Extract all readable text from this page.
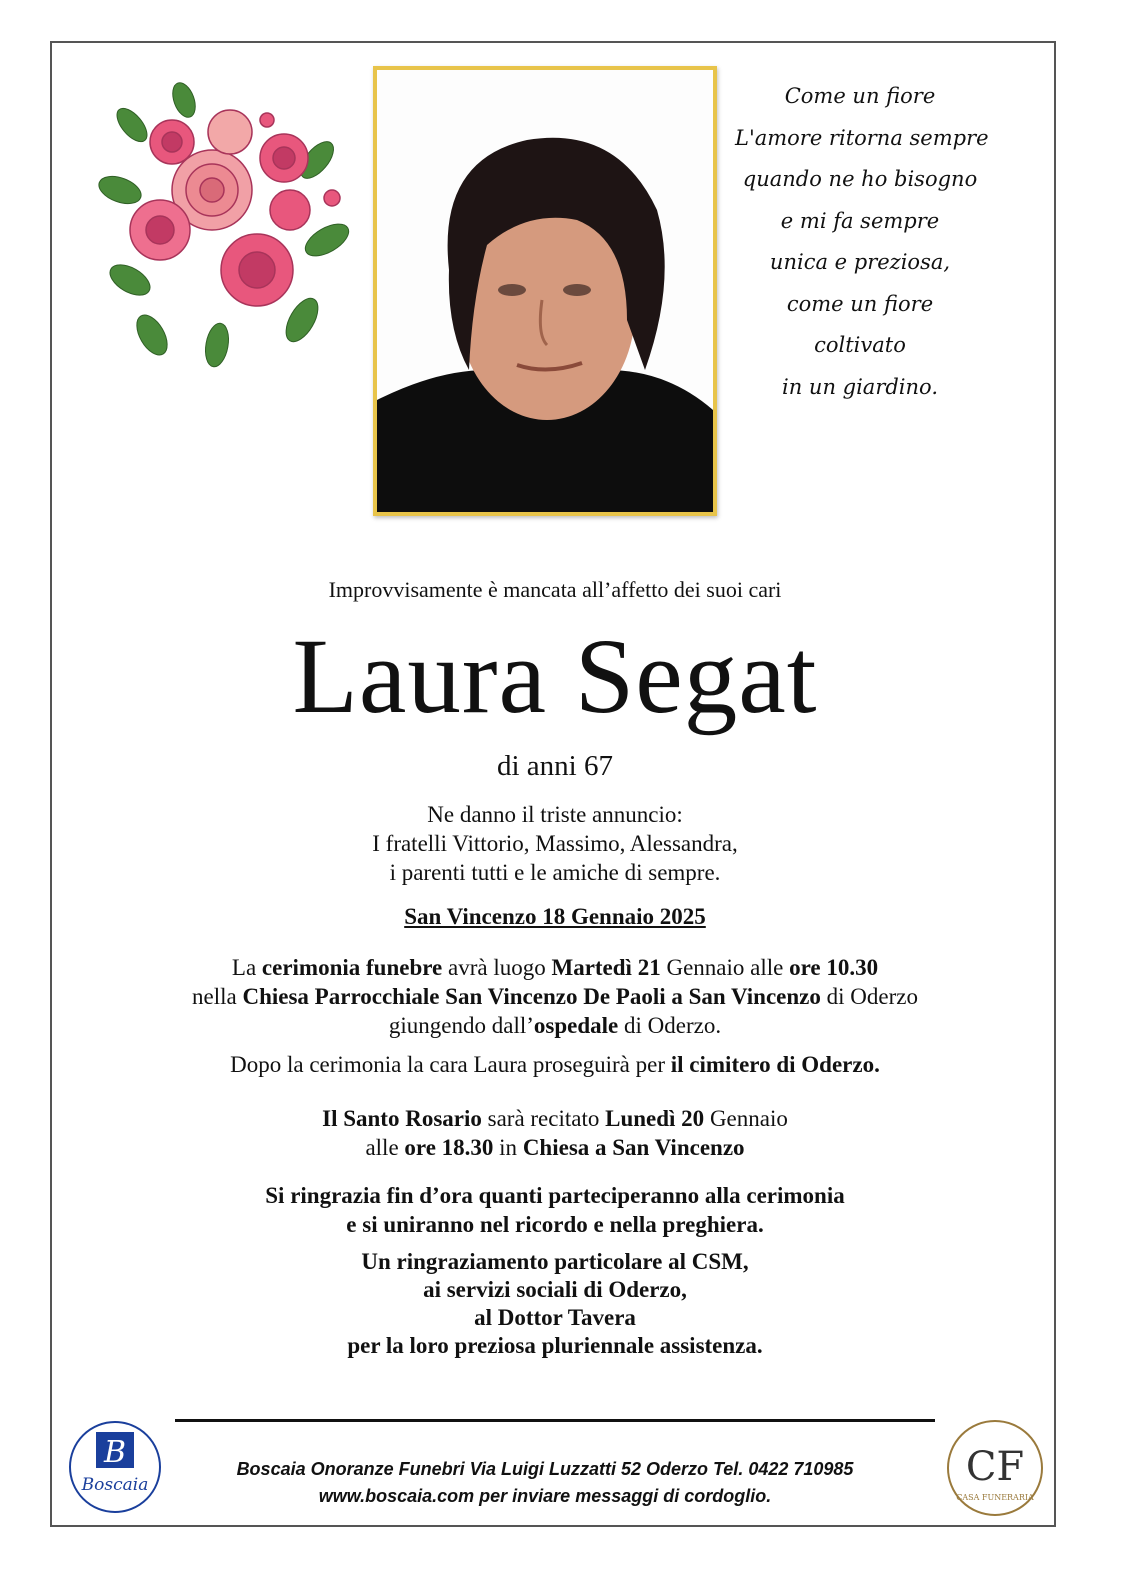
Come un fiore
L'amore ritorna sempre
quando ne ho bisogno
e mi fa sempre
unica e preziosa,
come un fiore
coltivato
in un giardino.
Improvvisamente è mancata all’affetto dei suoi cari
Laura Segat
di anni 67
Ne danno il triste annuncio:
I fratelli Vittorio, Massimo, Alessandra,
i parenti tutti e le amiche di sempre.
San Vincenzo 18 Gennaio 2025
La cerimonia funebre avrà luogo Martedì 21 Gennaio alle ore 10.30
nella Chiesa Parrocchiale San Vincenzo De Paoli a San Vincenzo di Oderzo
giungendo dall’ospedale di Oderzo.
Dopo la cerimonia la cara Laura proseguirà per il cimitero di Oderzo.
Il Santo Rosario sarà recitato Lunedì 20 Gennaio
alle ore 18.30 in Chiesa a San Vincenzo
Si ringrazia fin d’ora quanti parteciperanno alla cerimonia
e si uniranno nel ricordo e nella preghiera.
Un ringraziamento particolare al CSM,
ai servizi sociali di Oderzo,
al Dottor Tavera
per la loro preziosa pluriennale assistenza.
B
Boscaia	CF
CASA FUNERARIA
Boscaia Onoranze Funebri Via Luigi Luzzatti 52 Oderzo Tel. 0422 710985
www.boscaia.com per inviare messaggi di cordoglio.
